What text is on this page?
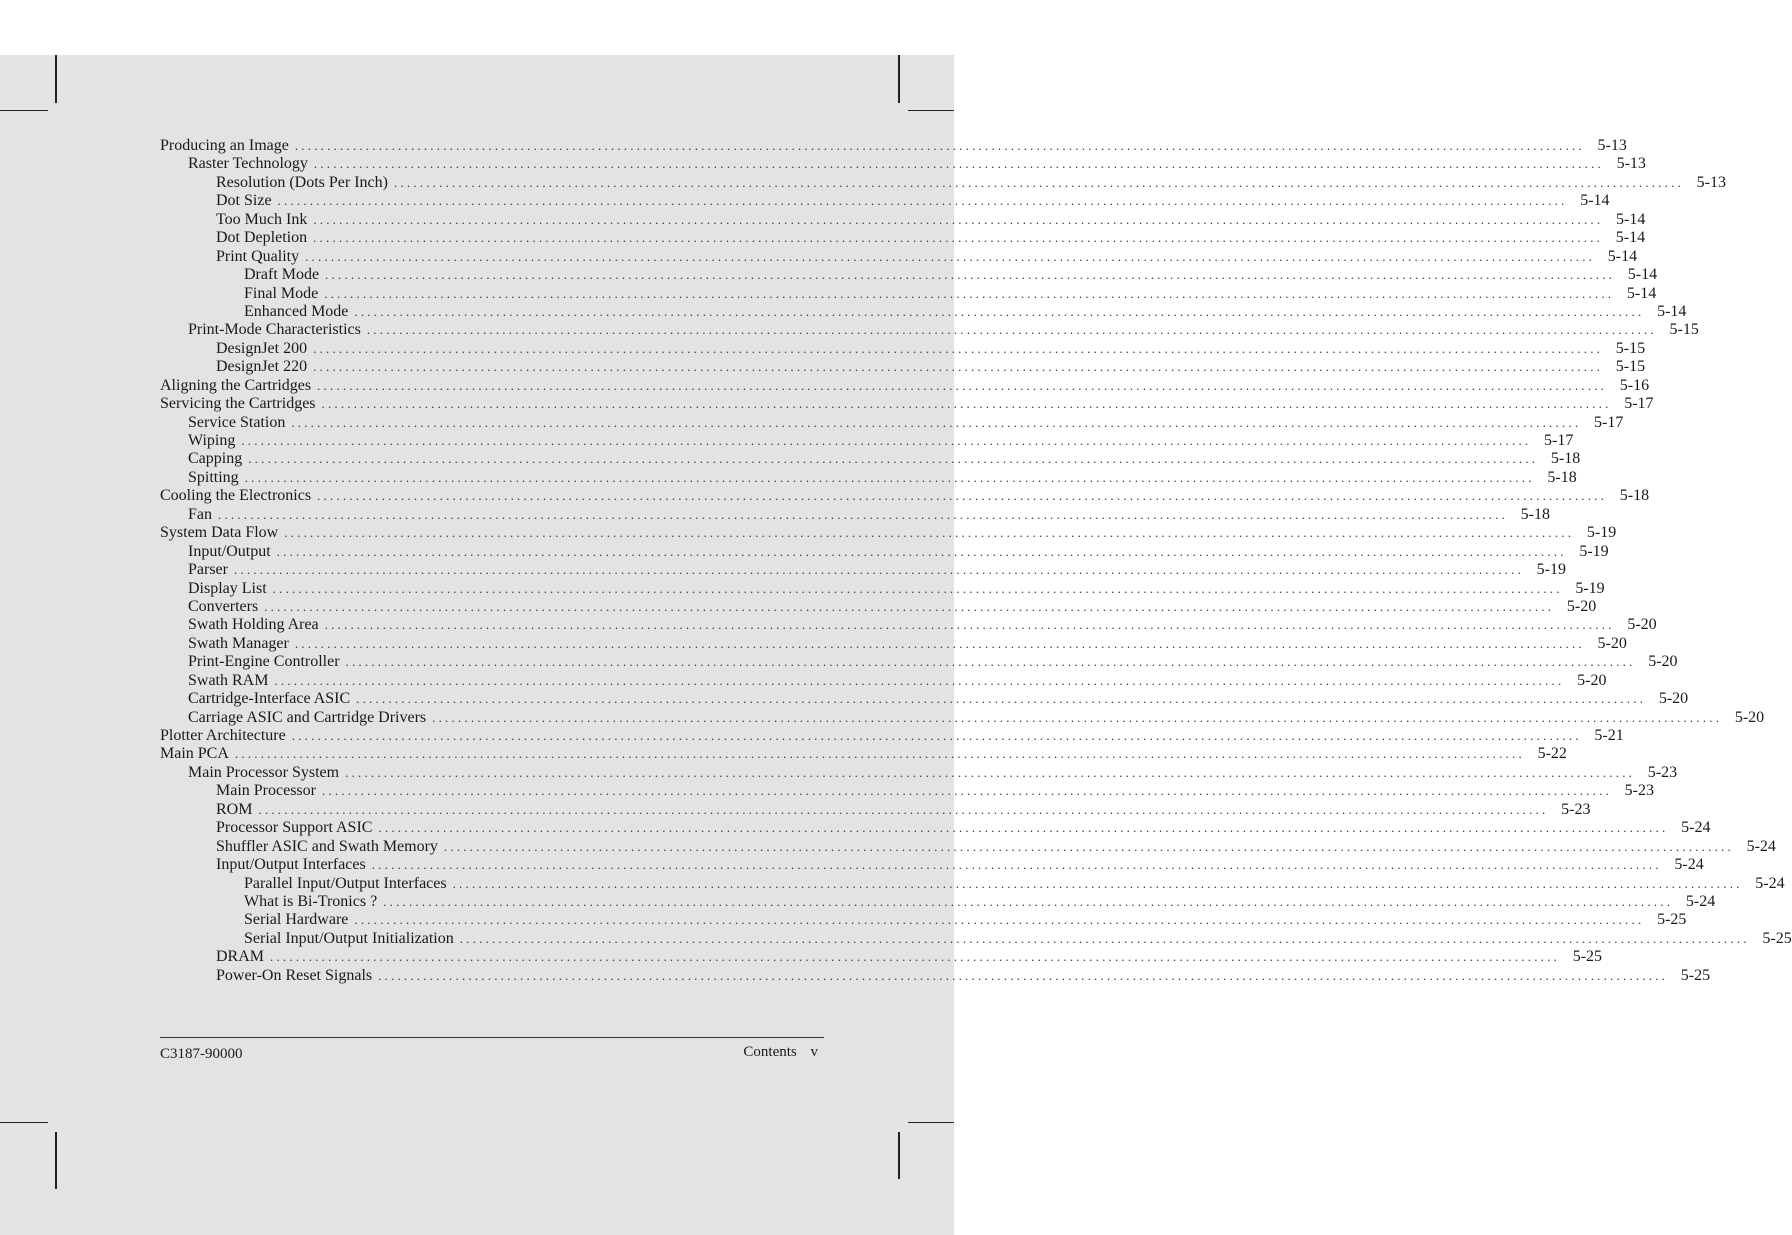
Producing an Image ........................................................................................................................................................................................................ 5-13
Raster Technology ........................................................................................................................................................................................................ 5-13
Resolution (Dots Per Inch) ........................................................................................................................................................................................................ 5-13
Dot Size ........................................................................................................................................................................................................ 5-14
Too Much Ink ........................................................................................................................................................................................................ 5-14
Dot Depletion ........................................................................................................................................................................................................ 5-14
Print Quality ........................................................................................................................................................................................................ 5-14
Draft Mode ........................................................................................................................................................................................................ 5-14
Final Mode ........................................................................................................................................................................................................ 5-14
Enhanced Mode ........................................................................................................................................................................................................ 5-14
Print-Mode Characteristics ........................................................................................................................................................................................................ 5-15
DesignJet 200 ........................................................................................................................................................................................................ 5-15
DesignJet 220 ........................................................................................................................................................................................................ 5-15
Aligning the Cartridges ........................................................................................................................................................................................................ 5-16
Servicing the Cartridges ........................................................................................................................................................................................................ 5-17
Service Station ........................................................................................................................................................................................................ 5-17
Wiping ........................................................................................................................................................................................................ 5-17
Capping ........................................................................................................................................................................................................ 5-18
Spitting ........................................................................................................................................................................................................ 5-18
Cooling the Electronics ........................................................................................................................................................................................................ 5-18
Fan ........................................................................................................................................................................................................ 5-18
System Data Flow ........................................................................................................................................................................................................ 5-19
Input/Output ........................................................................................................................................................................................................ 5-19
Parser ........................................................................................................................................................................................................ 5-19
Display List ........................................................................................................................................................................................................ 5-19
Converters ........................................................................................................................................................................................................ 5-20
Swath Holding Area ........................................................................................................................................................................................................ 5-20
Swath Manager ........................................................................................................................................................................................................ 5-20
Print-Engine Controller ........................................................................................................................................................................................................ 5-20
Swath RAM ........................................................................................................................................................................................................ 5-20
Cartridge-Interface ASIC ........................................................................................................................................................................................................ 5-20
Carriage ASIC and Cartridge Drivers ........................................................................................................................................................................................................ 5-20
Plotter Architecture ........................................................................................................................................................................................................ 5-21
Main PCA ........................................................................................................................................................................................................ 5-22
Main Processor System ........................................................................................................................................................................................................ 5-23
Main Processor ........................................................................................................................................................................................................ 5-23
ROM ........................................................................................................................................................................................................ 5-23
Processor Support ASIC ........................................................................................................................................................................................................ 5-24
Shuffler ASIC and Swath Memory ........................................................................................................................................................................................................ 5-24
Input/Output Interfaces ........................................................................................................................................................................................................ 5-24
Parallel Input/Output Interfaces ........................................................................................................................................................................................................ 5-24
What is Bi-Tronics ? ........................................................................................................................................................................................................ 5-24
Serial Hardware ........................................................................................................................................................................................................ 5-25
Serial Input/Output Initialization ........................................................................................................................................................................................................ 5-25
DRAM ........................................................................................................................................................................................................ 5-25
Power-On Reset Signals ........................................................................................................................................................................................................ 5-25
C3187-90000	Contents v
